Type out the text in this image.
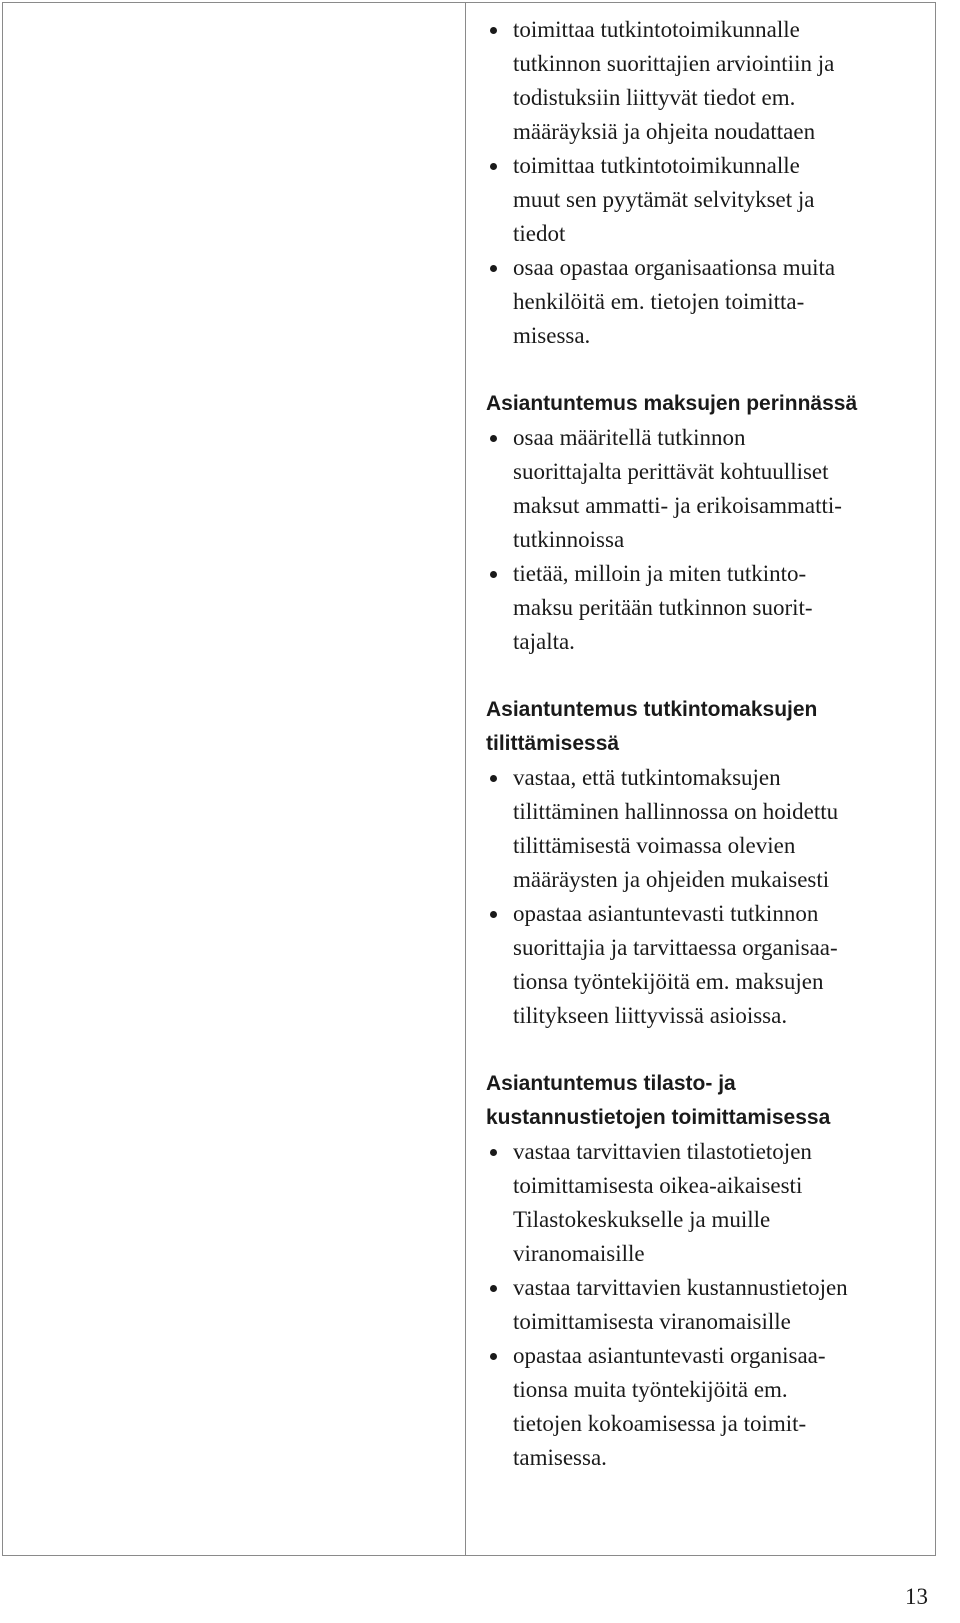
toimittaa tutkintotoimikunnalle
tutkinnon suorittajien arviointiin ja
todistuksiin liittyvät tiedot em.
määräyksiä ja ohjeita noudattaen
toimittaa tutkintotoimikunnalle
muut sen pyytämät selvitykset ja
tiedot
osaa opastaa organisaationsa muita
henkilöitä em. tietojen toimitta-
misessa.
Asiantuntemus maksujen perinnässä
osaa määritellä tutkinnon
suorittajalta perittävät kohtuulliset
maksut ammatti- ja erikoisammatti-
tutkinnoissa
tietää, milloin ja miten tutkinto-
maksu peritään tutkinnon suorit-
tajalta.
Asiantuntemus tutkintomaksujen
tilittämisessä
vastaa, että tutkintomaksujen
tilittäminen hallinnossa on hoidettu
tilittämisestä voimassa olevien
määräysten ja ohjeiden mukaisesti
opastaa asiantuntevasti tutkinnon
suorittajia ja tarvittaessa organisaa-
tionsa työntekijöitä em. maksujen
tilitykseen liittyvissä asioissa.
Asiantuntemus tilasto- ja
kustannustietojen toimittamisessa
vastaa tarvittavien tilastotietojen
toimittamisesta oikea-aikaisesti
Tilastokeskukselle ja muille
viranomaisille
vastaa tarvittavien kustannustietojen
toimittamisesta viranomaisille
opastaa asiantuntevasti organisaa-
tionsa muita työntekijöitä em.
tietojen kokoamisessa ja toimit-
tamisessa.
13
